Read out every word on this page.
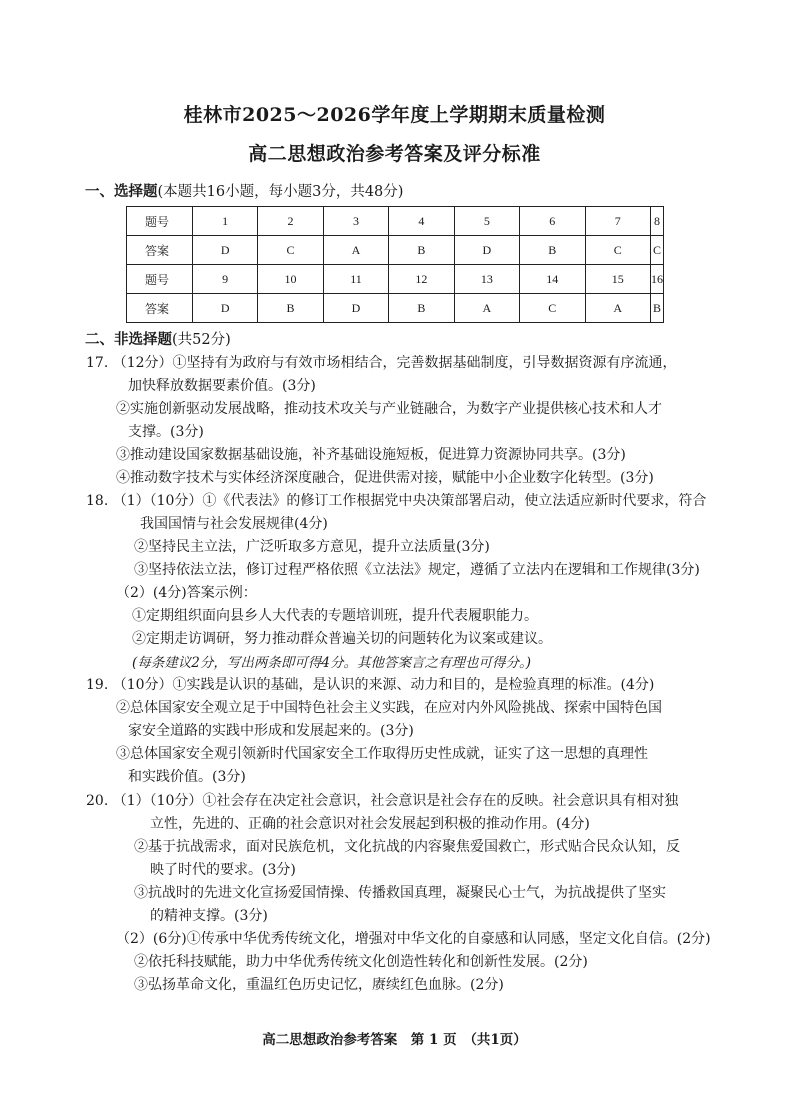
桂林市2025～2026学年度上学期期末质量检测
高二思想政治参考答案及评分标准
一、选择题(本题共16小题，每小题3分，共48分)
题号	1	2	3	4	5	6	7	8
答案	D	C	A	B	D	B	C	C
题号	9	10	11	12	13	14	15	16
答案	D	B	D	B	A	C	A	B
二、非选择题(共52分)
17. （12分）①坚持有为政府与有效市场相结合，完善数据基础制度，引导数据资源有序流通，
加快释放数据要素价值。(3分)
②实施创新驱动发展战略，推动技术攻关与产业链融合，为数字产业提供核心技术和人才
支撑。(3分)
③推动建设国家数据基础设施，补齐基础设施短板，促进算力资源协同共享。(3分)
④推动数字技术与实体经济深度融合，促进供需对接，赋能中小企业数字化转型。(3分)
18. （1）（10分）①《代表法》的修订工作根据党中央决策部署启动，使立法适应新时代要求，符合
我国国情与社会发展规律(4分)
②坚持民主立法，广泛听取多方意见，提升立法质量(3分)
③坚持依法立法，修订过程严格依照《立法法》规定，遵循了立法内在逻辑和工作规律(3分)
（2）(4分)答案示例：
①定期组织面向县乡人大代表的专题培训班，提升代表履职能力。
②定期走访调研，努力推动群众普遍关切的问题转化为议案或建议。
(每条建议2分，写出两条即可得4分。其他答案言之有理也可得分。)
19. （10分）①实践是认识的基础，是认识的来源、动力和目的，是检验真理的标准。(4分)
②总体国家安全观立足于中国特色社会主义实践，在应对内外风险挑战、探索中国特色国
家安全道路的实践中形成和发展起来的。(3分)
③总体国家安全观引领新时代国家安全工作取得历史性成就，证实了这一思想的真理性
和实践价值。(3分)
20. （1）（10分）①社会存在决定社会意识，社会意识是社会存在的反映。社会意识具有相对独
立性，先进的、正确的社会意识对社会发展起到积极的推动作用。(4分)
②基于抗战需求，面对民族危机，文化抗战的内容聚焦爱国救亡，形式贴合民众认知，反
映了时代的要求。(3分)
③抗战时的先进文化宣扬爱国情操、传播救国真理，凝聚民心士气，为抗战提供了坚实
的精神支撑。(3分)
（2）(6分)①传承中华优秀传统文化，增强对中华文化的自豪感和认同感，坚定文化自信。(2分)
②依托科技赋能，助力中华优秀传统文化创造性转化和创新性发展。(2分)
③弘扬革命文化，重温红色历史记忆，赓续红色血脉。(2分)
高二思想政治参考答案　第 1 页　（共1页）
